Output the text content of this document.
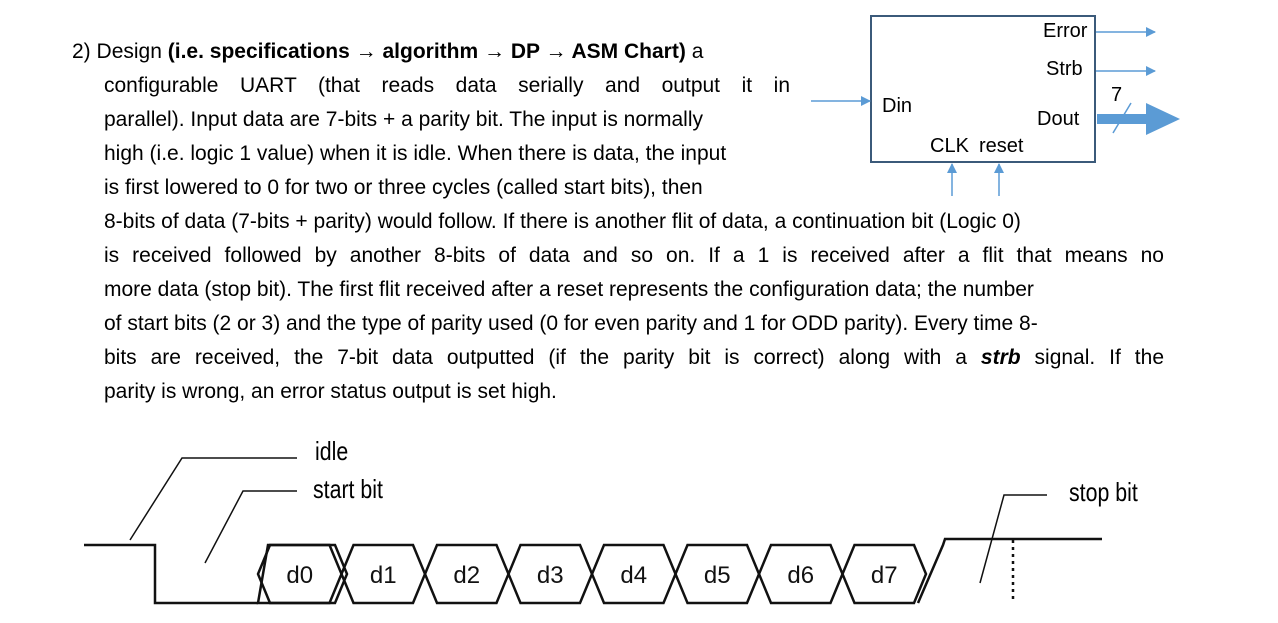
2) Design (i.e. specifications → algorithm → DP → ASM Chart) a
configurable UART (that reads data serially and output it in
parallel). Input data are 7-bits + a parity bit. The input is normally
high (i.e. logic 1 value) when it is idle. When there is data, the input
is first lowered to 0 for two or three cycles (called start bits), then
8-bits of data (7-bits + parity) would follow. If there is another flit of data, a continuation bit (Logic 0)
is received followed by another 8-bits of data and so on. If a 1 is received after a flit that means no
more data (stop bit). The first flit received after a reset represents the configuration data; the number
of start bits (2 or 3) and the type of parity used (0 for even parity and 1 for ODD parity). Every time 8-
bits are received, the 7-bit data outputted (if the parity bit is correct) along with a strb signal. If the
parity is wrong, an error status output is set high.
Din
Error
Strb
Dout
CLK reset
7
d0 d1 d2 d3 d4 d5 d6 d7
idle
start bit	stop bit
